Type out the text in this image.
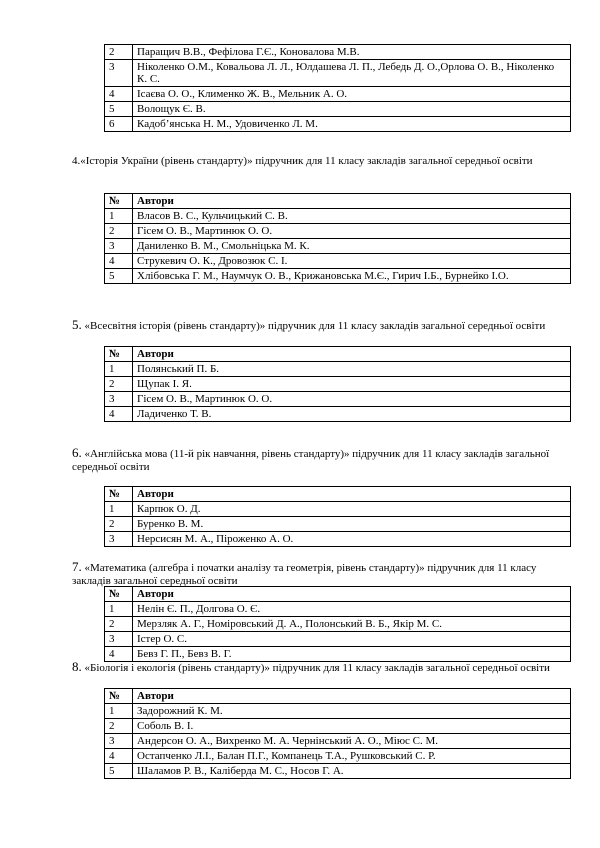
2	Паращич В.В., Фефілова Г.Є., Коновалова М.В.
3	Ніколенко О.М., Ковальова Л. Л., Юлдашева Л. П., Лебедь Д. О.,Орлова О. В., Ніколенко К. С.
4	Ісаєва О. О., Клименко Ж. В., Мельник А. О.
5	Волощук Є. В.
6	Кадоб’янська Н. М., Удовиченко Л. М.

4.«Історія України (рівень стандарту)» підручник для 11 класу закладів загальної середньої освіти

№	Автори
1	Власов В. С., Кульчицький С. В.
2	Гісем О. В., Мартинюк О. О.
3	Даниленко В. М., Смольніцька М. К.
4	Струкевич О. К., Дровозюк С. І.
5	Хлібовська Г. М., Наумчук О. В., Крижановська М.Є., Гирич І.Б., Бурнейко І.О.

5. «Всесвітня історія (рівень стандарту)» підручник для 11 класу закладів загальної середньої освіти

№	Автори
1	Полянський П. Б.
2	Щупак І. Я.
3	Гісем О. В., Мартинюк О. О.
4	Ладиченко Т. В.

6. «Англійська мова (11-й рік навчання, рівень стандарту)» підручник для 11 класу закладів загальної середньої освіти

№	Автори
1	Карпюк О. Д.
2	Буренко В. М.
3	Нерсисян М. А., Піроженко А. О.

7. «Математика (алгебра і початки аналізу та геометрія, рівень стандарту)» підручник для 11 класу закладів загальної середньої освіти

№	Автори
1	Нелін Є. П., Долгова О. Є.
2	Мерзляк А. Г., Номіровський Д. А., Полонський В. Б., Якір М. С.
3	Істер О. С.
4	Бевз Г. П., Бевз В. Г.

8. «Біологія і екологія (рівень стандарту)» підручник для 11 класу закладів загальної середньої освіти

№	Автори
1	Задорожний К. М.
2	Соболь В. І.
3	Андерсон О. А., Вихренко М. А. Чернінський А. О., Міюс С. М.
4	Остапченко Л.І., Балан П.Г., Компанець Т.А., Рушковський С. Р.
5	Шаламов Р. В., Каліберда М. С., Носов Г. А.
